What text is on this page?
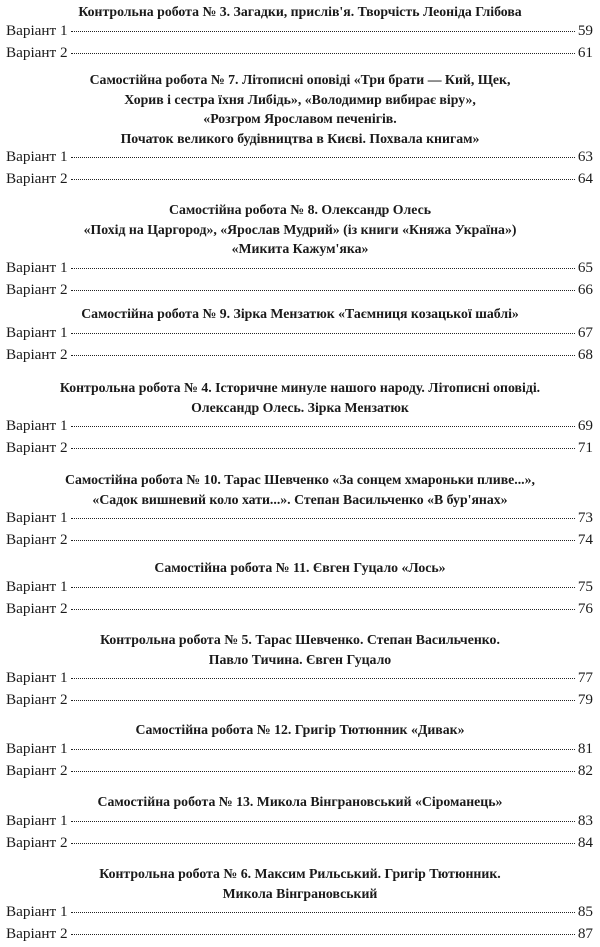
Контрольна робота № 3. Загадки, прислів'я. Творчість Леоніда Глібова
Варіант 1	59
Варіант 2	61
Самостійна робота № 7. Літописні оповіді «Три брати — Кий, Щек,
Хорив і сестра їхня Либідь», «Володимир вибирає віру»,
«Розгром Ярославом печенігів.
Початок великого будівництва в Києві. Похвала книгам»
Варіант 1	63
Варіант 2	64
Самостійна робота № 8. Олександр Олесь
«Похід на Царгород», «Ярослав Мудрий» (із книги «Княжа Україна»)
«Микита Кажум'яка»
Варіант 1	65
Варіант 2	66
Самостійна робота № 9. Зірка Мензатюк «Таємниця козацької шаблі»
Варіант 1	67
Варіант 2	68
Контрольна робота № 4. Історичне минуле нашого народу. Літописні оповіді.
Олександр Олесь. Зірка Мензатюк
Варіант 1	69
Варіант 2	71
Самостійна робота № 10. Тарас Шевченко «За сонцем хмароньки пливе...»,
«Садок вишневий коло хати...». Степан Васильченко «В бур'янах»
Варіант 1	73
Варіант 2	74
Самостійна робота № 11. Євген Гуцало «Лось»
Варіант 1	75
Варіант 2	76
Контрольна робота № 5. Тарас Шевченко. Степан Васильченко.
Павло Тичина. Євген Гуцало
Варіант 1	77
Варіант 2	79
Самостійна робота № 12. Григір Тютюнник «Дивак»
Варіант 1	81
Варіант 2	82
Самостійна робота № 13. Микола Вінграновський «Сіроманець»
Варіант 1	83
Варіант 2	84
Контрольна робота № 6. Максим Рильський. Григір Тютюнник.
Микола Вінграновський
Варіант 1	85
Варіант 2	87
